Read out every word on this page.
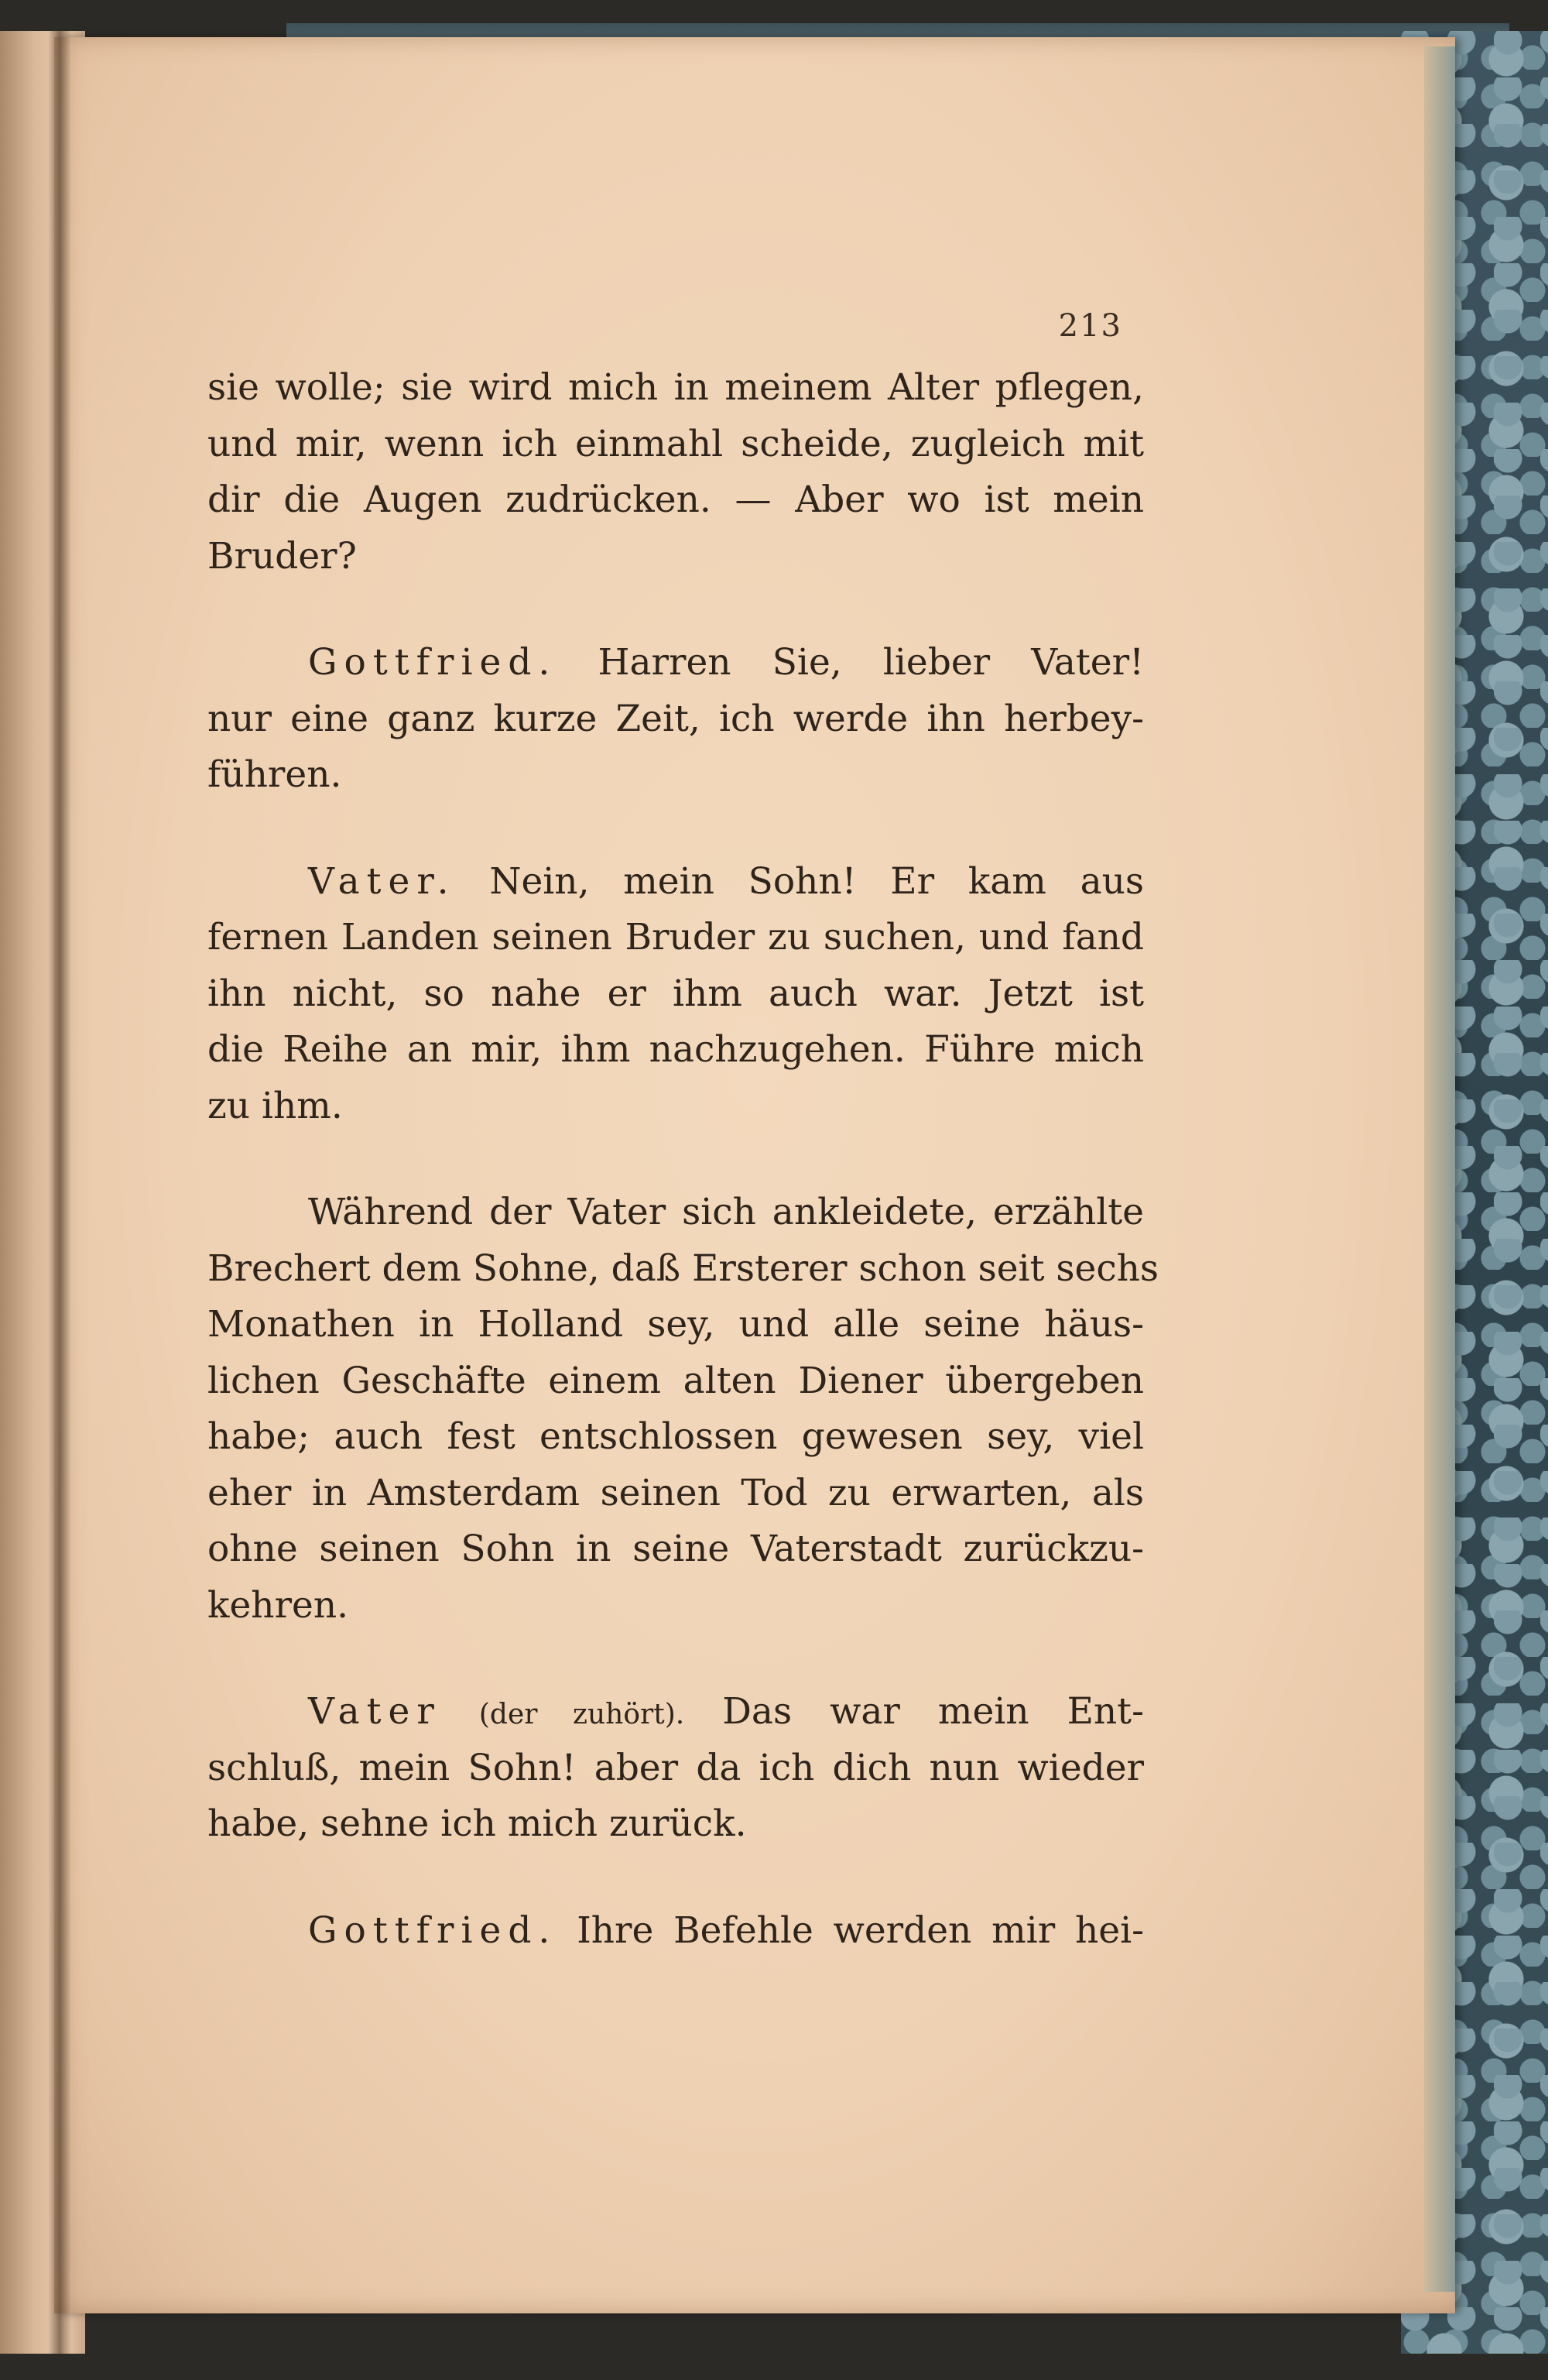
213
sie wolle; sie wird mich in meinem Alter pflegen,
und mir, wenn ich einmahl scheide, zugleich mit
dir die Augen zudrücken. — Aber wo ist mein
Bruder?
Gottfried. Harren Sie, lieber Vater!
nur eine ganz kurze Zeit, ich werde ihn herbey-
führen.
Vater. Nein, mein Sohn! Er kam aus
fernen Landen seinen Bruder zu suchen, und fand
ihn nicht, so nahe er ihm auch war. Jetzt ist
die Reihe an mir, ihm nachzugehen. Führe mich
zu ihm.
Während der Vater sich ankleidete, erzählte
Brechert dem Sohne, daß Ersterer schon seit sechs
Monathen in Holland sey, und alle seine häus-
lichen Geschäfte einem alten Diener übergeben
habe; auch fest entschlossen gewesen sey, viel
eher in Amsterdam seinen Tod zu erwarten, als
ohne seinen Sohn in seine Vaterstadt zurückzu-
kehren.
Vater (der zuhört). Das war mein Ent-
schluß, mein Sohn! aber da ich dich nun wieder
habe, sehne ich mich zurück.
Gottfried. Ihre Befehle werden mir hei-
